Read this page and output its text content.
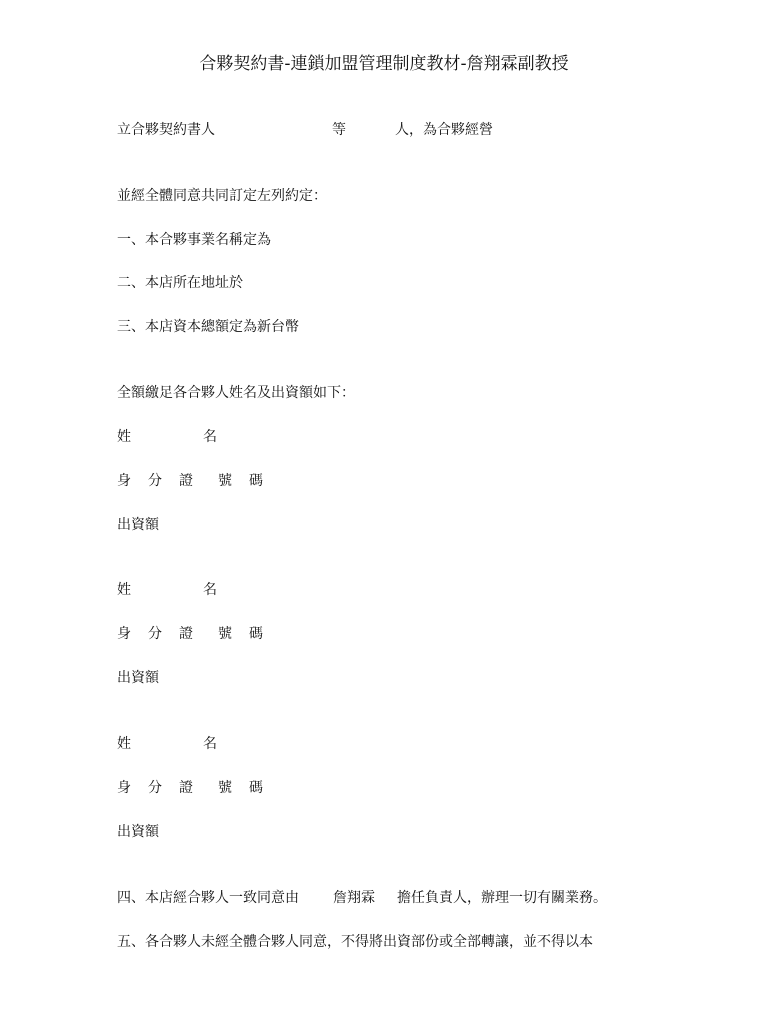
合夥契約書-連鎖加盟管理制度教材-詹翔霖副教授
立合夥契約書人	等	人，為合夥經營
並經全體同意共同訂定左列約定：
一、本合夥事業名稱定為
二、本店所在地址於
三、本店資本總額定為新台幣
全額繳足各合夥人姓名及出資額如下：
姓	名
身 分 證 號 碼
出資額
姓	名
身 分 證 號 碼
出資額
姓	名
身 分 證 號 碼
出資額
四、本店經合夥人一致同意由 詹翔霖 擔任負責人，辦理一切有關業務。
五、各合夥人未經全體合夥人同意，不得將出資部份或全部轉讓，並不得以本
